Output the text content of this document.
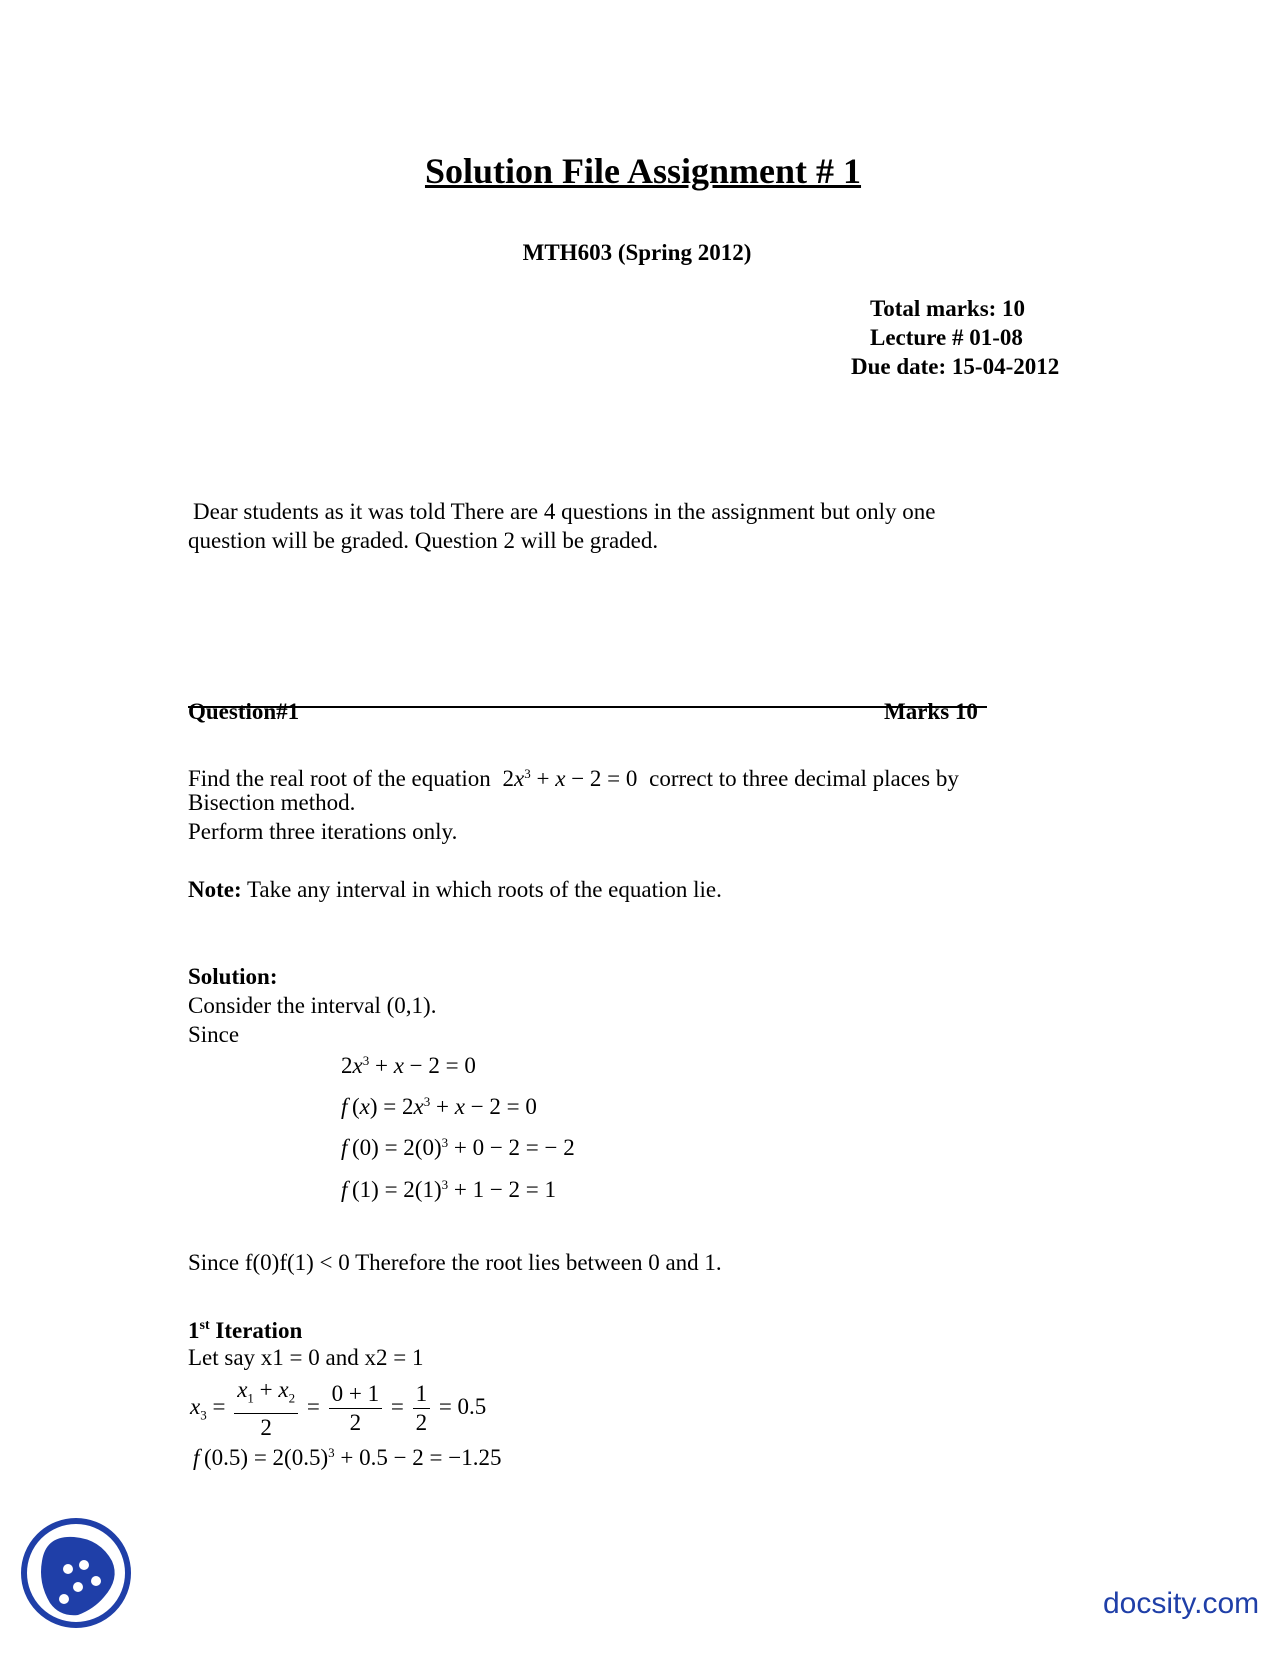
Solution File Assignment # 1
MTH603 (Spring 2012)
Total marks: 10
Lecture # 01-08
Due date: 15-04-2012
Dear students as it was told There are 4 questions in the assignment but only one
question will be graded. Question 2 will be graded.
Question#1	Marks 10
Find the real root of the equation $2x^3 + x - 2 = 0$ correct to three decimal places by
Bisection method.
Perform three iterations only.
Note: Take any interval in which roots of the equation lie.
Solution:
Consider the interval (0,1).
Since
$2x^3 + x - 2 = 0$
f $(x) = 2x^3 + x - 2 = 0$
f $(0) = 2(0)^3 + 0 - 2$ = − 2
f $(1) = 2(1)^3 + 1 - 2 = 1$
Since f(0)f(1) < 0 Therefore the root lies between 0 and 1.
1st Iteration
Let say x1 = 0 and x2 = 1
$x_3 = \frac{x_1 + x_2}{2} = \frac{0 + 1}{2} = \frac{1}{2} = 0.5$
f $(0.5) = 2(0.5)^3 + 0.5 - 2 = -1.25$
docsity.com
